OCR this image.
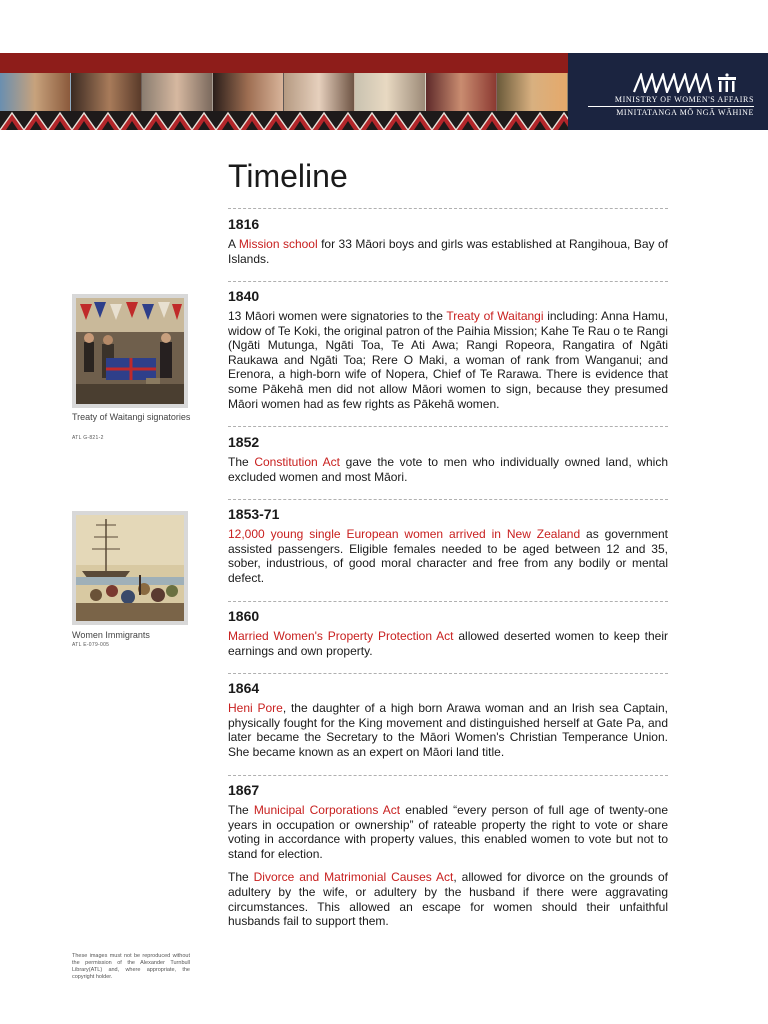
MINISTRY OF WOMEN'S AFFAIRS
MINITATANGA MŌ NGĀ WĀHINE
Timeline
1816

A Mission school for 33 Māori boys and girls was established at Rangihoua, Bay of Islands.

1840

13 Māori women were signatories to the Treaty of Waitangi including: Anna Hamu, widow of Te Koki, the original patron of the Paihia Mission; Kahe Te Rau o te Rangi (Ngāti Mutunga, Ngāti Toa, Te Ati Awa; Rangi Ropeora, Rangatira of Ngāti Raukawa and Ngāti Toa; Rere O Maki, a woman of rank from Wanganui; and Erenora, a high-born wife of Nopera, Chief of Te Rarawa. There is evidence that some Pākehā men did not allow Māori women to sign, because they presumed Māori women had as few rights as Pākehā women.

1852

The Constitution Act gave the vote to men who individually owned land, which excluded women and most Māori.

1853-71

12,000 young single European women arrived in New Zealand as government assisted passengers. Eligible females needed to be aged between 12 and 35, sober, industrious, of good moral character and free from any bodily or mental defect.

1860

Married Women's Property Protection Act allowed deserted women to keep their earnings and own property.

1864

Heni Pore, the daughter of a high born Arawa woman and an Irish sea Captain, physically fought for the King movement and distinguished herself at Gate Pa, and later became the Secretary to the Māori Women's Christian Temperance Union. She became known as an expert on Māori land title.

1867

The Municipal Corporations Act enabled “every person of full age of twenty-one years in occupation or ownership” of rateable property the right to vote or share voting in accordance with property values, this enabled women to vote but not to stand for election.

The Divorce and Matrimonial Causes Act, allowed for divorce on the grounds of adultery by the wife, or adultery by the husband if there were aggravating circumstances. This allowed an escape for women should their unfaithful husbands fail to support them.

Treaty of Waitangi signatories
ATL G-821-2
Women Immigrants
ATL E-079-005
These images must not be reproduced without the permission of the Alexander Turnbull Library(ATL) and, where appropriate, the copyright holder.
